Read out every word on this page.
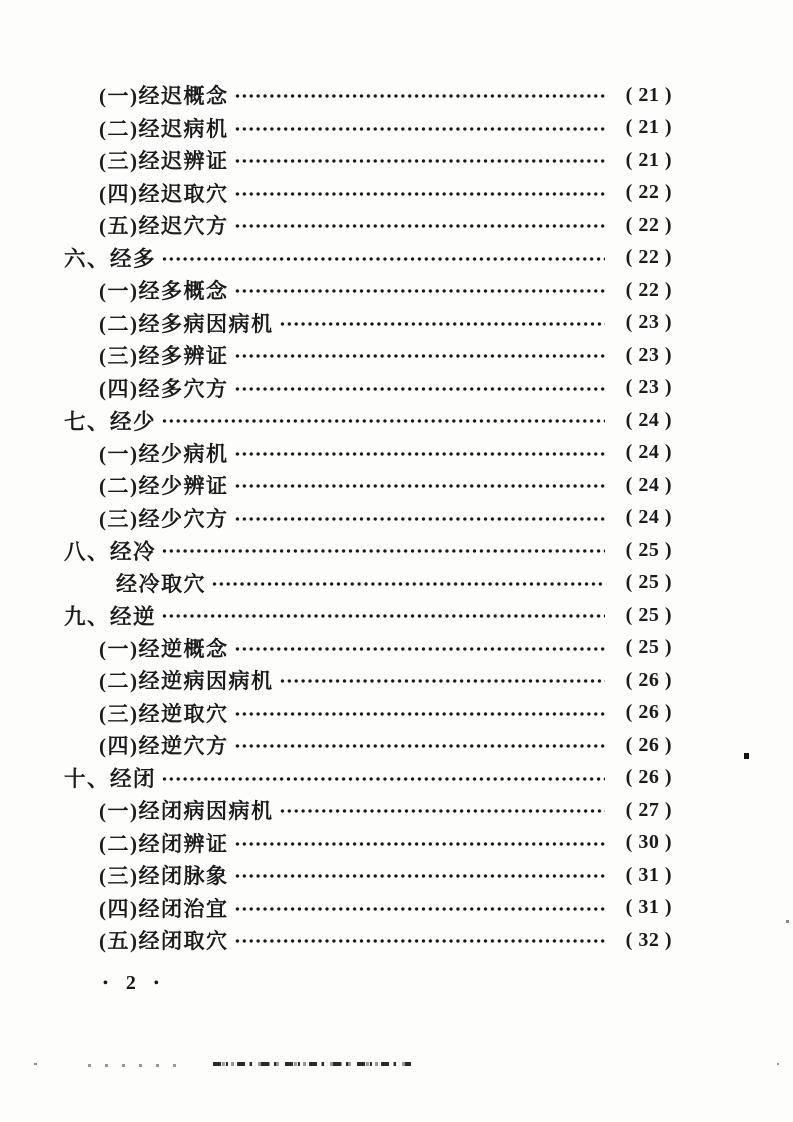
(一)经迟概念	( 21 )
(二)经迟病机	( 21 )
(三)经迟辨证	( 21 )
(四)经迟取穴	( 22 )
(五)经迟穴方	( 22 )
六、经多	( 22 )
(一)经多概念	( 22 )
(二)经多病因病机	( 23 )
(三)经多辨证	( 23 )
(四)经多穴方	( 23 )
七、经少	( 24 )
(一)经少病机	( 24 )
(二)经少辨证	( 24 )
(三)经少穴方	( 24 )
八、经冷	( 25 )
经冷取穴	( 25 )
九、经逆	( 25 )
(一)经逆概念	( 25 )
(二)经逆病因病机	( 26 )
(三)经逆取穴	( 26 )
(四)经逆穴方	( 26 )
十、经闭	( 26 )
(一)经闭病因病机	( 27 )
(二)经闭辨证	( 30 )
(三)经闭脉象	( 31 )
(四)经闭治宜	( 31 )
(五)经闭取穴	( 32 )
• 2 •
